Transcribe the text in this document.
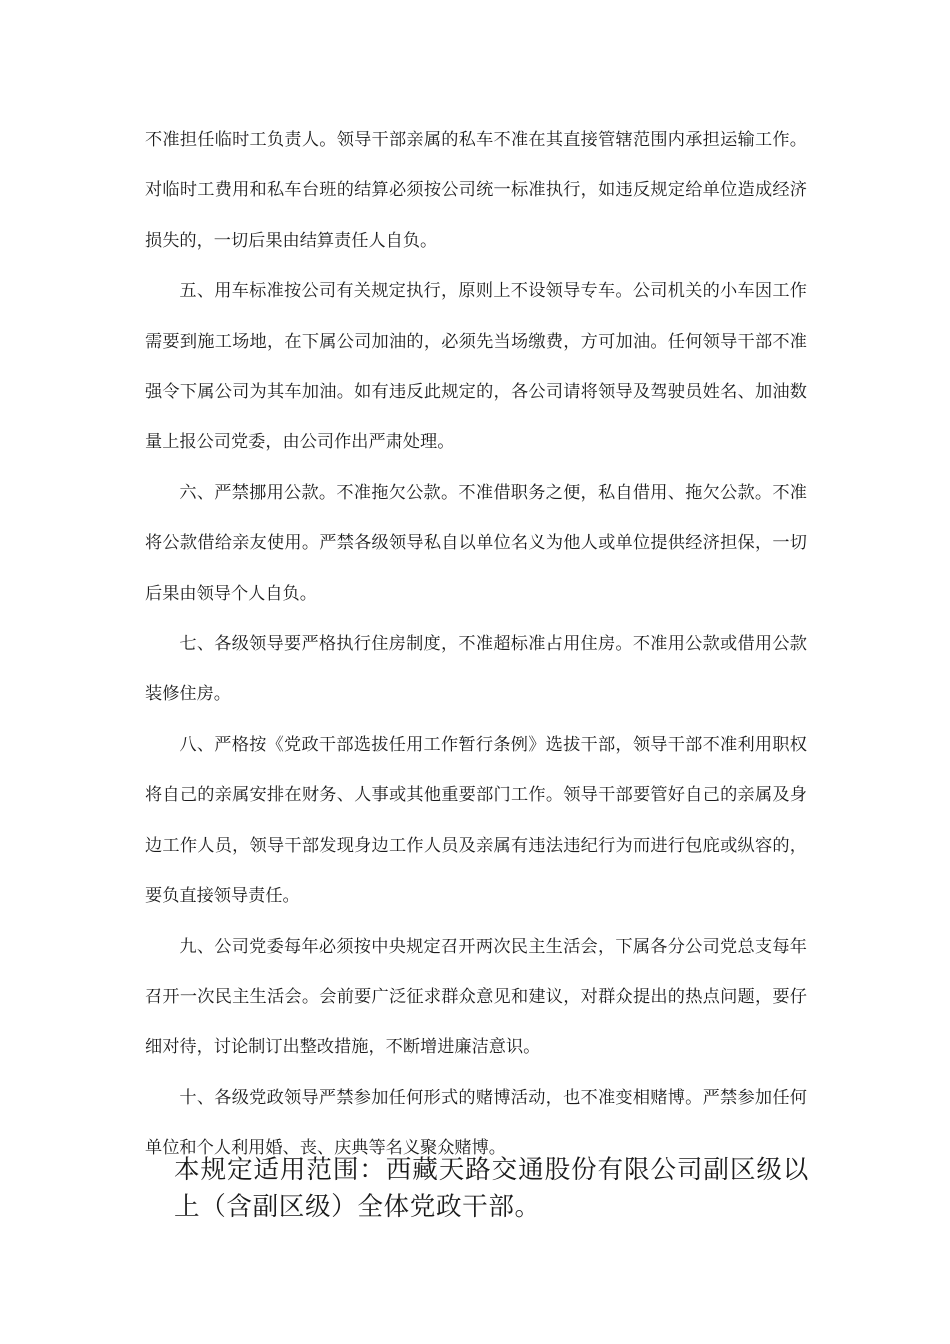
不准担任临时工负责人。领导干部亲属的私车不准在其直接管辖范围内承担运输工作。对临时工费用和私车台班的结算必须按公司统一标准执行，如违反规定给单位造成经济损失的，一切后果由结算责任人自负。

五、用车标准按公司有关规定执行，原则上不设领导专车。公司机关的小车因工作需要到施工场地，在下属公司加油的，必须先当场缴费，方可加油。任何领导干部不准强令下属公司为其车加油。如有违反此规定的，各公司请将领导及驾驶员姓名、加油数量上报公司党委，由公司作出严肃处理。

六、严禁挪用公款。不准拖欠公款。不准借职务之便，私自借用、拖欠公款。不准将公款借给亲友使用。严禁各级领导私自以单位名义为他人或单位提供经济担保，一切后果由领导个人自负。

七、各级领导要严格执行住房制度，不准超标准占用住房。不准用公款或借用公款装修住房。

八、严格按《党政干部选拔任用工作暂行条例》选拔干部，领导干部不准利用职权将自己的亲属安排在财务、人事或其他重要部门工作。领导干部要管好自己的亲属及身边工作人员，领导干部发现身边工作人员及亲属有违法违纪行为而进行包庇或纵容的，要负直接领导责任。

九、公司党委每年必须按中央规定召开两次民主生活会，下属各分公司党总支每年召开一次民主生活会。会前要广泛征求群众意见和建议，对群众提出的热点问题，要仔细对待，讨论制订出整改措施，不断增进廉洁意识。

十、各级党政领导严禁参加任何形式的赌博活动，也不准变相赌博。严禁参加任何单位和个人利用婚、丧、庆典等名义聚众赌博。

本规定适用范围：西藏天路交通股份有限公司副区级以上（含副区级）全体党政干部。
